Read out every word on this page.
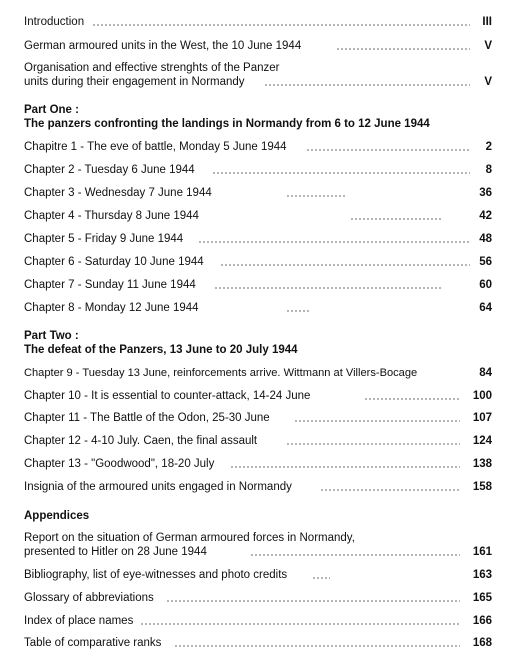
Introduction	III
German armoured units in the West, the 10 June 1944	V
Organisation and effective strenghts of the Panzer
units during their engagement in Normandy	V
Part One :
The panzers confronting the landings in Normandy from 6 to 12 June 1944
Chapitre 1 - The eve of battle, Monday 5 June 1944	2
Chapter 2 - Tuesday 6 June 1944	8
Chapter 3 - Wednesday 7 June 1944	36
Chapter 4 - Thursday 8 June 1944	42
Chapter 5 - Friday 9 June 1944	48
Chapter 6 - Saturday 10 June 1944	56
Chapter 7 - Sunday 11 June 1944	60
Chapter 8 - Monday 12 June 1944	64
Part Two :
The defeat of the Panzers, 13 June to 20 July 1944
Chapter 9 - Tuesday 13 June, reinforcements arrive. Wittmann at Villers-Bocage	84
Chapter 10 - It is essential to counter-attack, 14-24 June	100
Chapter 11 - The Battle of the Odon, 25-30 June	107
Chapter 12 - 4-10 July. Caen, the final assault	124
Chapter 13 - "Goodwood", 18-20 July	138
Insignia of the armoured units engaged in Normandy	158
Appendices
Report on the situation of German armoured forces in Normandy,
presented to Hitler on 28 June 1944	161
Bibliography, list of eye-witnesses and photo credits	163
Glossary of abbreviations	165
Index of place names	166
Table of comparative ranks	168
